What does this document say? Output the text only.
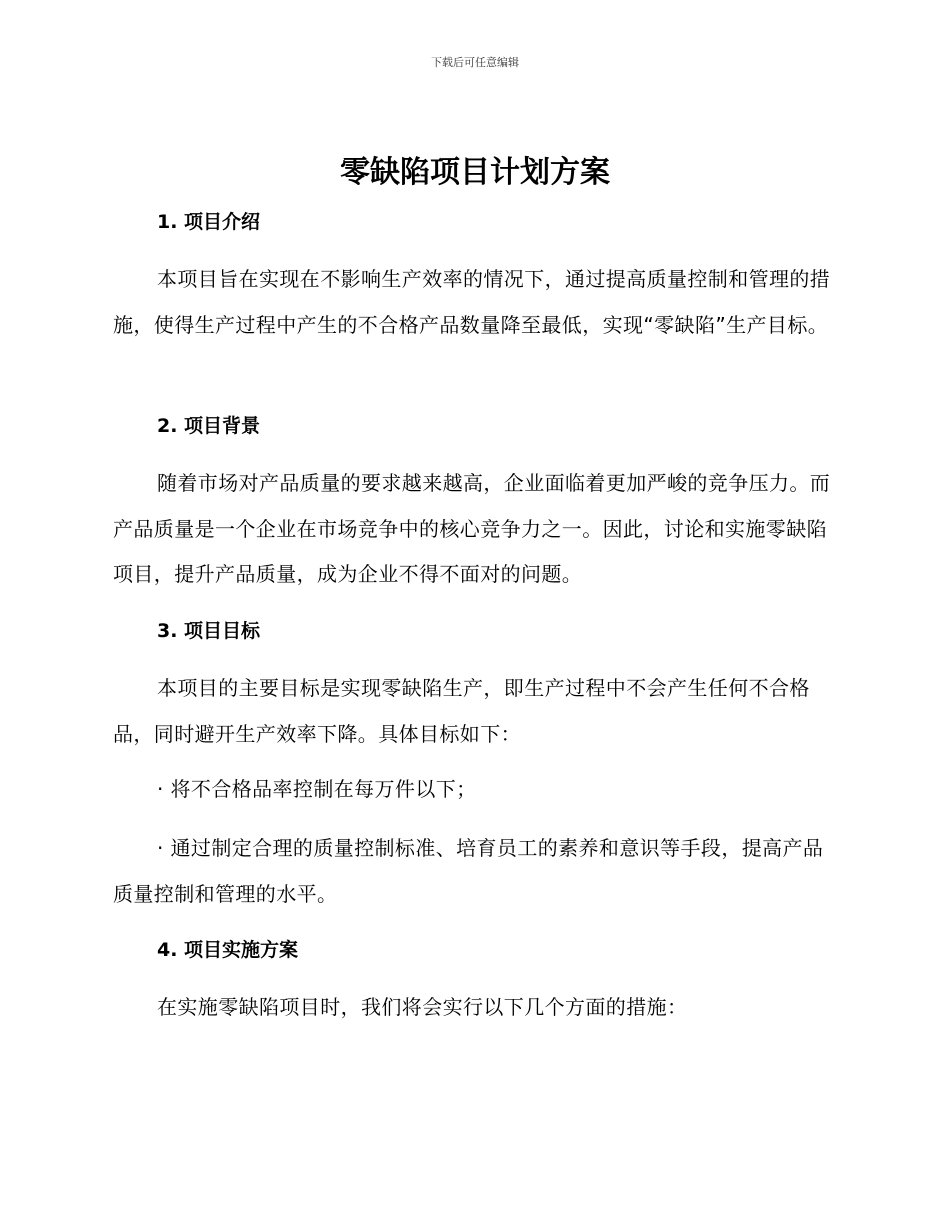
下载后可任意编辑

零缺陷项目计划方案
1. 项目介绍

本项目旨在实现在不影响生产效率的情况下，通过提高质量控制和管理的措施，使得生产过程中产生的不合格产品数量降至最低，实现“零缺陷”生产目标。

2. 项目背景

随着市场对产品质量的要求越来越高，企业面临着更加严峻的竞争压力。而产品质量是一个企业在市场竞争中的核心竞争力之一。因此，讨论和实施零缺陷项目，提升产品质量，成为企业不得不面对的问题。

3. 项目目标

本项目的主要目标是实现零缺陷生产，即生产过程中不会产生任何不合格品，同时避开生产效率下降。具体目标如下：

· 将不合格品率控制在每万件以下；

· 通过制定合理的质量控制标准、培育员工的素养和意识等手段，提高产品质量控制和管理的水平。

4. 项目实施方案

在实施零缺陷项目时，我们将会实行以下几个方面的措施：
